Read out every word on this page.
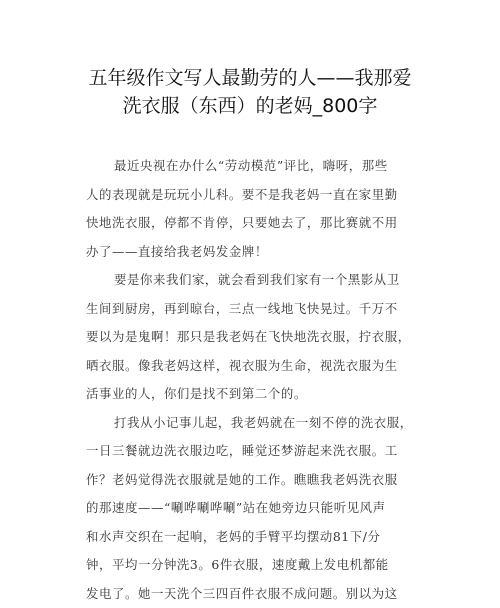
五年级作文写人最勤劳的人——我那爱
洗衣服（东西）的老妈_800字
最近央视在办什么“劳动模范”评比，嗨呀，那些
人的表现就是玩玩小儿科。要不是我老妈一直在家里勤
快地洗衣服，停都不肯停，只要她去了，那比赛就不用
办了——直接给我老妈发金牌！
要是你来我们家，就会看到我们家有一个黑影从卫
生间到厨房，再到晾台，三点一线地飞快晃过。千万不
要以为是鬼啊！那只是我老妈在飞快地洗衣服，拧衣服，
晒衣服。像我老妈这样，视衣服为生命，视洗衣服为生
活事业的人，你们是找不到第二个的。
打我从小记事儿起，我老妈就在一刻不停的洗衣服，
一日三餐就边洗衣服边吃，睡觉还梦游起来洗衣服。工
作？老妈觉得洗衣服就是她的工作。瞧瞧我老妈洗衣服
的那速度——“唰哗唰哗唰”站在她旁边只能听见风声
和水声交织在一起响，老妈的手臂平均摆动81下/分
钟，平均一分钟洗3。6件衣服，速度戴上发电机都能
发电了。她一天洗个三四百件衣服不成问题。别以为这
